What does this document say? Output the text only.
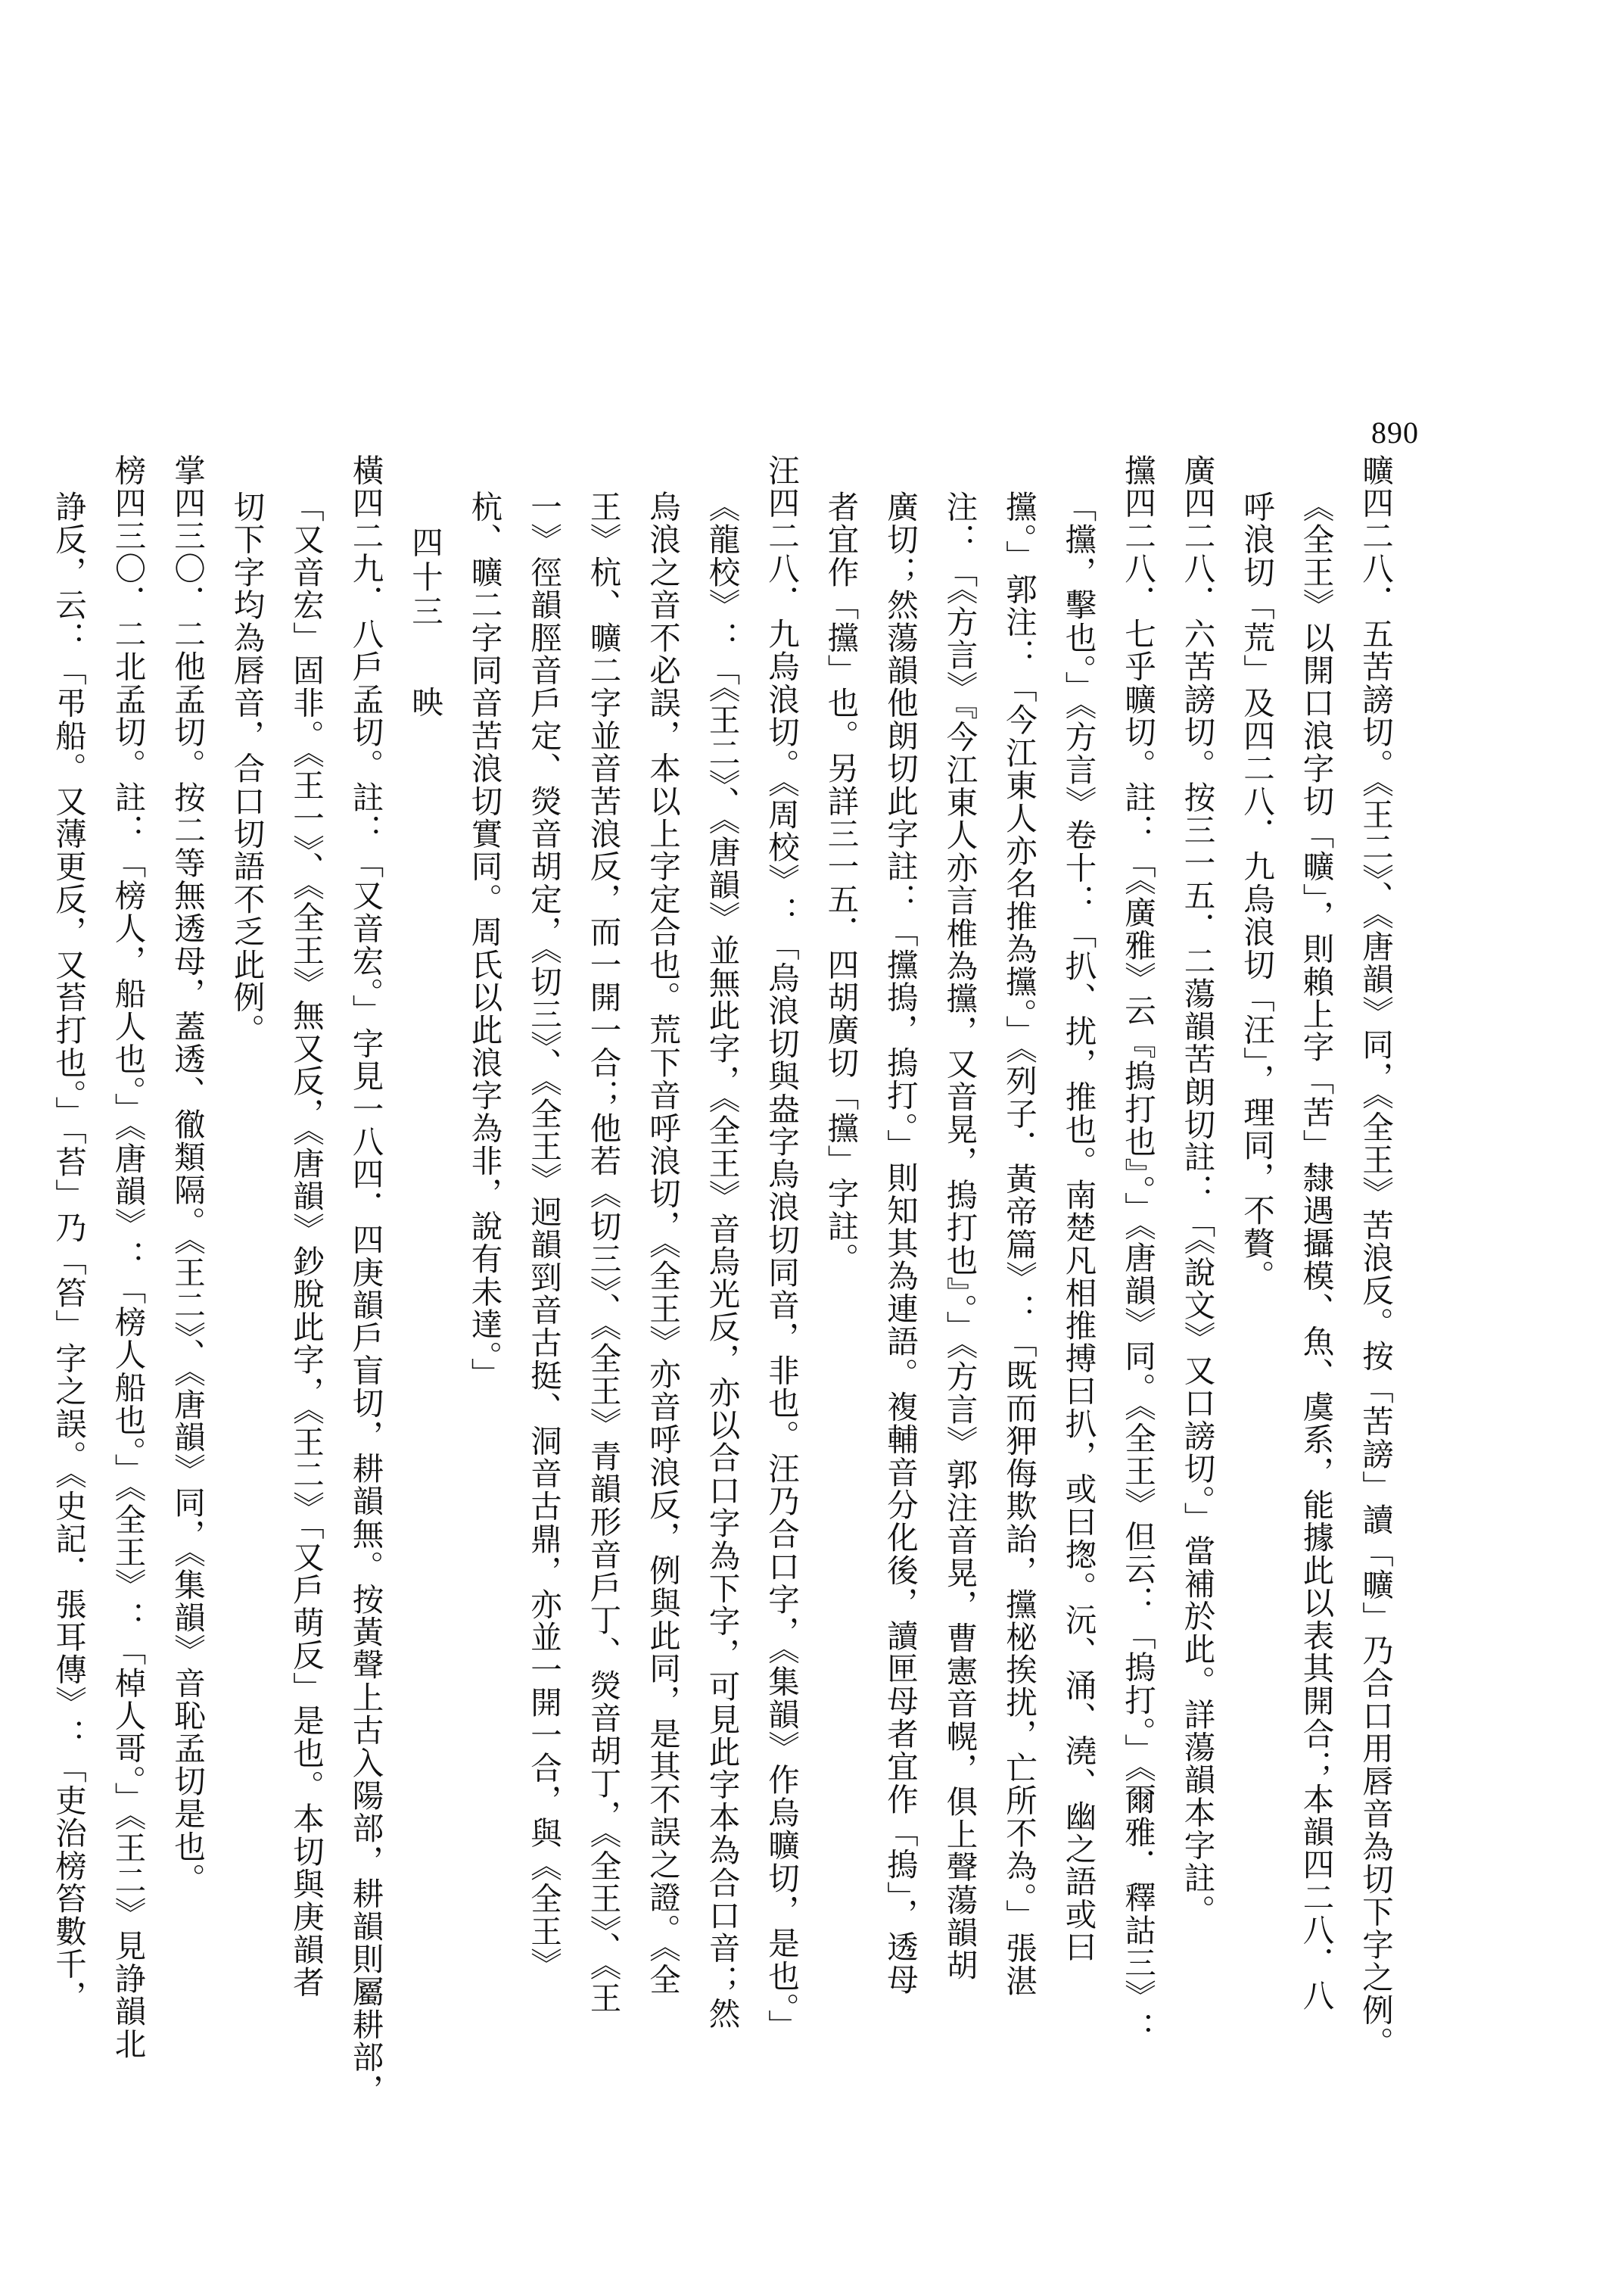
890
曠四二八．五苦謗切。《王二》、《唐韻》同，《全王》苦浪反。按「苦謗」讀「曠」乃合口用唇音為切下字之例。
《全王》以開口浪字切「曠」，則賴上字「苦」隸遇攝模、魚、虞系，能據此以表其開合；本韻四二八．八
呼浪切「荒」及四二八．九烏浪切「汪」，理同，不贅。
廣四二八．六苦謗切。按三一五．二蕩韻苦朗切註：「《說文》又口謗切。」當補於此。詳蕩韻本字註。
攩四二八．七乎曠切。註：「《廣雅》云『摀打也』。」《唐韻》同。《全王》但云：「摀打。」《爾雅．釋詁三》：
「攩，擊也。」《方言》卷十：「扒、扰，推也。南楚凡相推搏曰扒，或曰揔。沅、涌、澆、幽之語或曰
攩。」郭注：「今江東人亦名推為攩。」《列子．黃帝篇》：「既而狎侮欺詒，攩柲挨扰，亡所不為。」張湛
注：「《方言》『今江東人亦言椎為攩，又音晃，摀打也』。」《方言》郭注音晃，曹憲音幌，俱上聲蕩韻胡
廣切；然蕩韻他朗切此字註：「攩摀，摀打。」則知其為連語。複輔音分化後，讀匣母者宜作「摀」，透母
者宜作「攩」也。另詳三一五．四胡廣切「攩」字註。
汪四二八．九烏浪切。《周校》：「烏浪切與盎字烏浪切同音，非也。汪乃合口字，《集韻》作烏曠切，是也。」
《龍校》：「《王二》、《唐韻》並無此字，《全王》音烏光反，亦以合口字為下字，可見此字本為合口音；然
烏浪之音不必誤，本以上字定合也。荒下音呼浪切，《全王》亦音呼浪反，例與此同，是其不誤之證。《全
王》杭、曠二字並音苦浪反，而一開一合；他若《切三》、《全王》青韻形音戶丁、熒音胡丁，《全王》、《王
一》徑韻脛音戶定、熒音胡定，《切三》、《全王》迥韻剄音古挺、洞音古鼎，亦並一開一合，與《全王》
杭、曠二字同音苦浪切實同。周氏以此浪字為非，說有未達。」
四十三映
橫四二九．八戶孟切。註：「又音宏。」字見一八四．四庚韻戶盲切，耕韻無。按黃聲上古入陽部，耕韻則屬耕部，
「又音宏」固非。《王一》、《全王》無又反，《唐韻》鈔脫此字，《王二》「又戶萌反」是也。本切與庚韻者
切下字均為唇音，合口切語不乏此例。
掌四三〇．二他孟切。按二等無透母，蓋透、徹類隔。《王二》、《唐韻》同，《集韻》音恥孟切是也。
榜四三〇．二北孟切。註：「榜人，船人也。」《唐韻》：「榜人船也。」《全王》：「棹人哥。」《王二》見諍韻北
諍反，云：「弔船。又薄更反，又苔打也。」「苔」乃「笞」字之誤。《史記．張耳傳》：「吏治榜笞數千，
